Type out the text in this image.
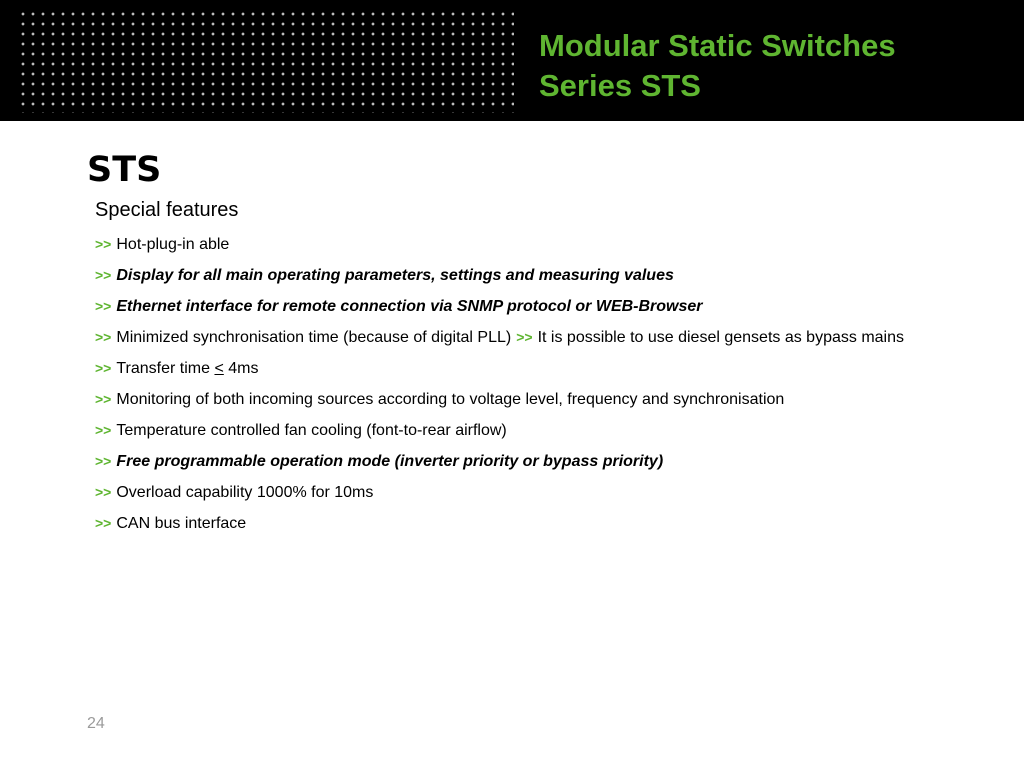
Modular Static Switches
Series STS
STS
Special features
>> Hot-plug-in able
>> Display for all main operating parameters, settings and measuring values
>> Ethernet interface for remote connection via SNMP protocol or WEB-Browser
>> Minimized synchronisation time (because of digital PLL) >> It is possible to use diesel gensets as bypass mains
>> Transfer time < 4ms
>> Monitoring of both incoming sources according to voltage level, frequency and synchronisation
>> Temperature controlled fan cooling (font-to-rear airflow)
>> Free programmable operation mode (inverter priority or bypass priority)
>> Overload capability 1000% for 10ms
>> CAN bus interface
24
